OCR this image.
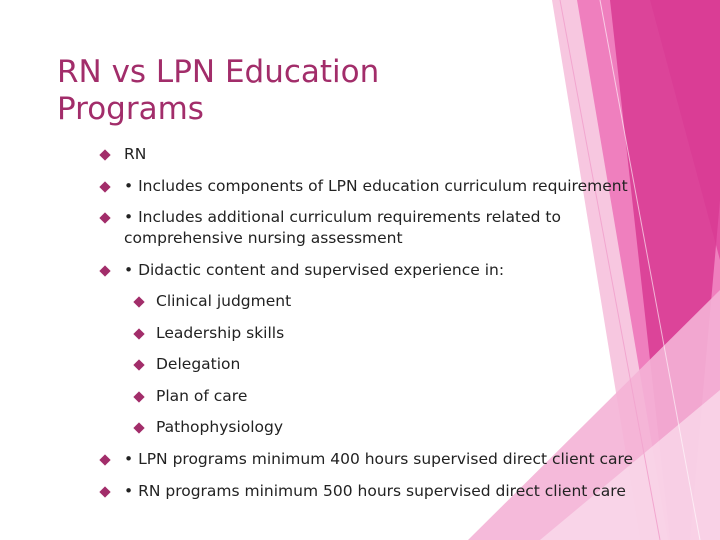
RN vs LPN Education Programs
RN
• Includes components of LPN education curriculum requirement
• Includes additional curriculum requirements related to comprehensive nursing assessment
• Didactic content and supervised experience in:
Clinical judgment
Leadership skills
Delegation
Plan of care
Pathophysiology
• LPN programs minimum 400 hours supervised direct client care
• RN programs minimum 500 hours supervised direct client care
